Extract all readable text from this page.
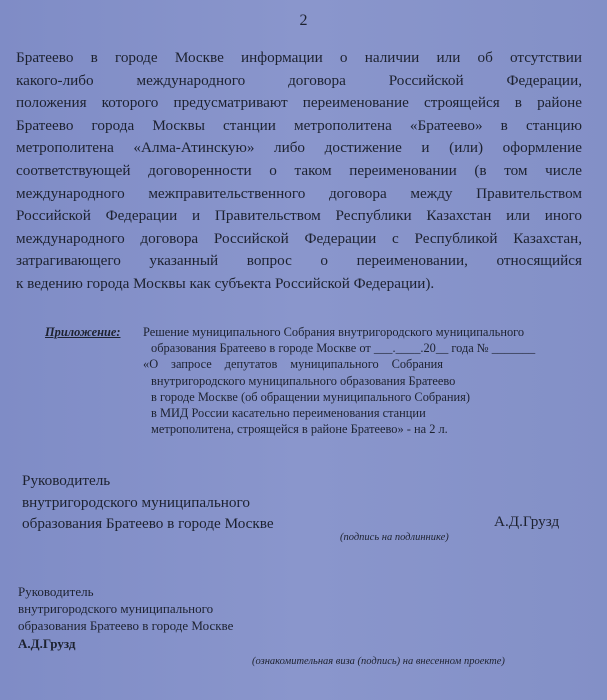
2
Братеево в городе Москве информации о наличии или об отсутствии
какого-либо международного договора Российской Федерации,
положения которого предусматривают переименование строящейся в районе
Братеево города Москвы станции метрополитена «Братеево» в станцию
метрополитена «Алма-Атинскую» либо достижение и (или) оформление
соответствующей договоренности о таком переименовании (в том числе
международного межправительственного договора между Правительством
Российской Федерации и Правительством Республики Казахстан или иного
международного договора Российской Федерации с Республикой Казахстан,
затрагивающего указанный вопрос о переименовании, относящийся
к ведению города Москвы как субъекта Российской Федерации).
Приложение: Решение муниципального Собрания внутригородского муниципального
образования Братеево в городе Москве от ___.____.20__ года № _______
«О запросе депутатов муниципального Собрания
внутригородского муниципального образования Братеево
в городе Москве (об обращении муниципального Собрания)
в МИД России касательно переименования станции
метрополитена, строящейся в районе Братеево» - на 2 л.
Руководитель
внутригородского муниципального
образования Братеево в городе Москве	А.Д.Грузд
(подпись на подлиннике)
Руководитель
внутригородского муниципального
образования Братеево в городе Москве
А.Д.Грузд
(ознакомительная виза (подпись) на внесенном проекте)
